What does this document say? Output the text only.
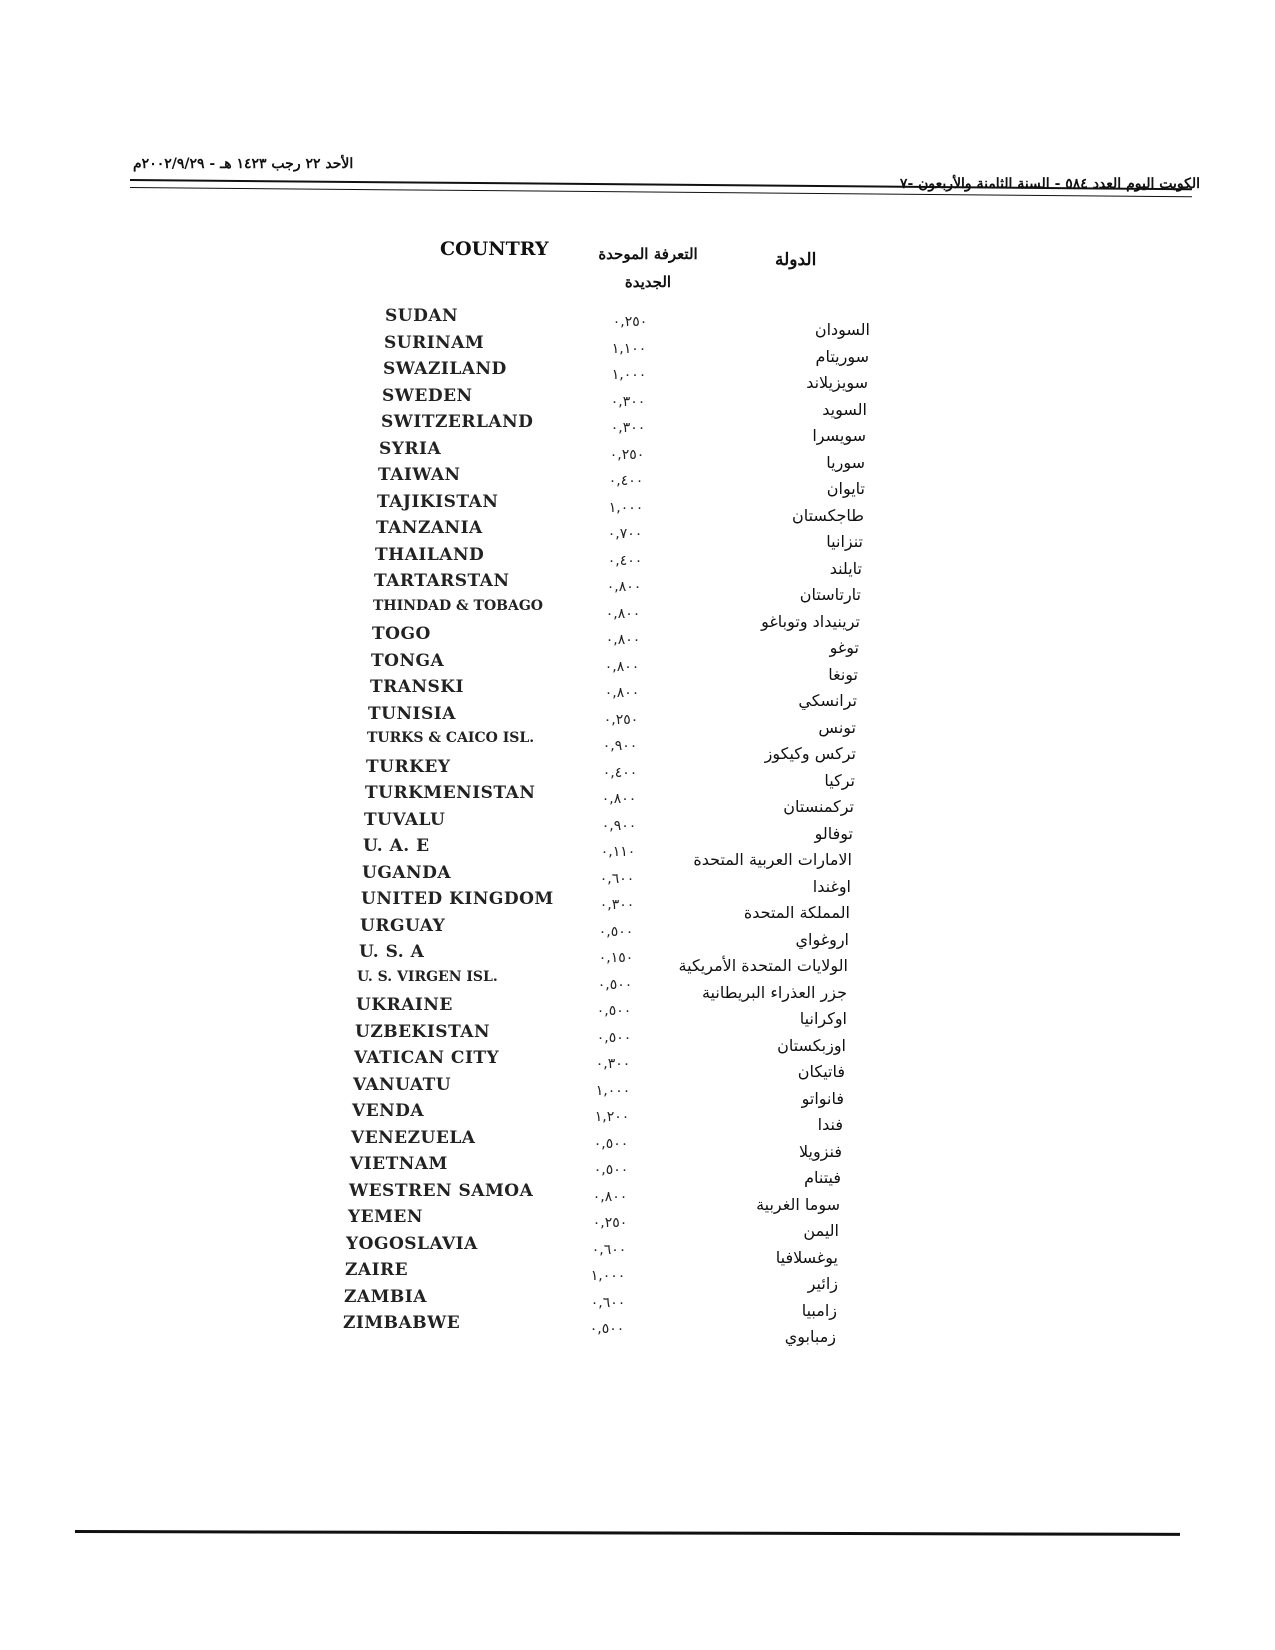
الأحد ٢٢ رجب ١٤٢٣ هـ - ٢٠٠٢/٩/٢٩م
الكويت اليوم العدد ٥٨٤ - السنة الثامنة والأربعون -٧
COUNTRY	التعرفة الموحدة الجديدة
الدولة
SUDAN	٠,٢٥٠	السودان
SURINAM	١,١٠٠	سوريتام
SWAZILAND	١,٠٠٠	سويزيلاند
SWEDEN	٠,٣٠٠	السويد
SWITZERLAND	٠,٣٠٠	سويسرا
SYRIA	٠,٢٥٠	سوريا
TAIWAN	٠,٤٠٠	تايوان
TAJIKISTAN	١,٠٠٠	طاجكستان
TANZANIA	٠,٧٠٠	تنزانيا
THAILAND	٠,٤٠٠	تايلند
TARTARSTAN	٠,٨٠٠	تارتاستان
THINDAD & TOBAGO	٠,٨٠٠	ترينيداد وتوباغو
TOGO	٠,٨٠٠	توغو
TONGA	٠,٨٠٠	تونغا
TRANSKI	٠,٨٠٠	ترانسكي
TUNISIA	٠,٢٥٠	تونس
TURKS & CAICO ISL.	٠,٩٠٠	تركس وكيكوز
TURKEY	٠,٤٠٠	تركيا
TURKMENISTAN	٠,٨٠٠	تركمنستان
TUVALU	٠,٩٠٠	توفالو
U. A. E	٠,١١٠	الامارات العربية المتحدة
UGANDA	٠,٦٠٠	اوغندا
UNITED KINGDOM	٠,٣٠٠	المملكة المتحدة
URGUAY	٠,٥٠٠	اروغواي
U. S. A	٠,١٥٠	الولايات المتحدة الأمريكية
U. S. VIRGEN ISL.	٠,٥٠٠	جزر العذراء البريطانية
UKRAINE	٠,٥٠٠	اوكرانيا
UZBEKISTAN	٠,٥٠٠	اوزبكستان
VATICAN CITY	٠,٣٠٠	فاتيكان
VANUATU	١,٠٠٠	فانواتو
VENDA	١,٢٠٠	فندا
VENEZUELA	٠,٥٠٠	فنزويلا
VIETNAM	٠,٥٠٠	فيتنام
WESTREN SAMOA	٠,٨٠٠	سوما الغربية
YEMEN	٠,٢٥٠	اليمن
YOGOSLAVIA	٠,٦٠٠	يوغسلافيا
ZAIRE	١,٠٠٠	زائير
ZAMBIA	٠,٦٠٠	زامبيا
ZIMBABWE	٠,٥٠٠	زمبابوي
